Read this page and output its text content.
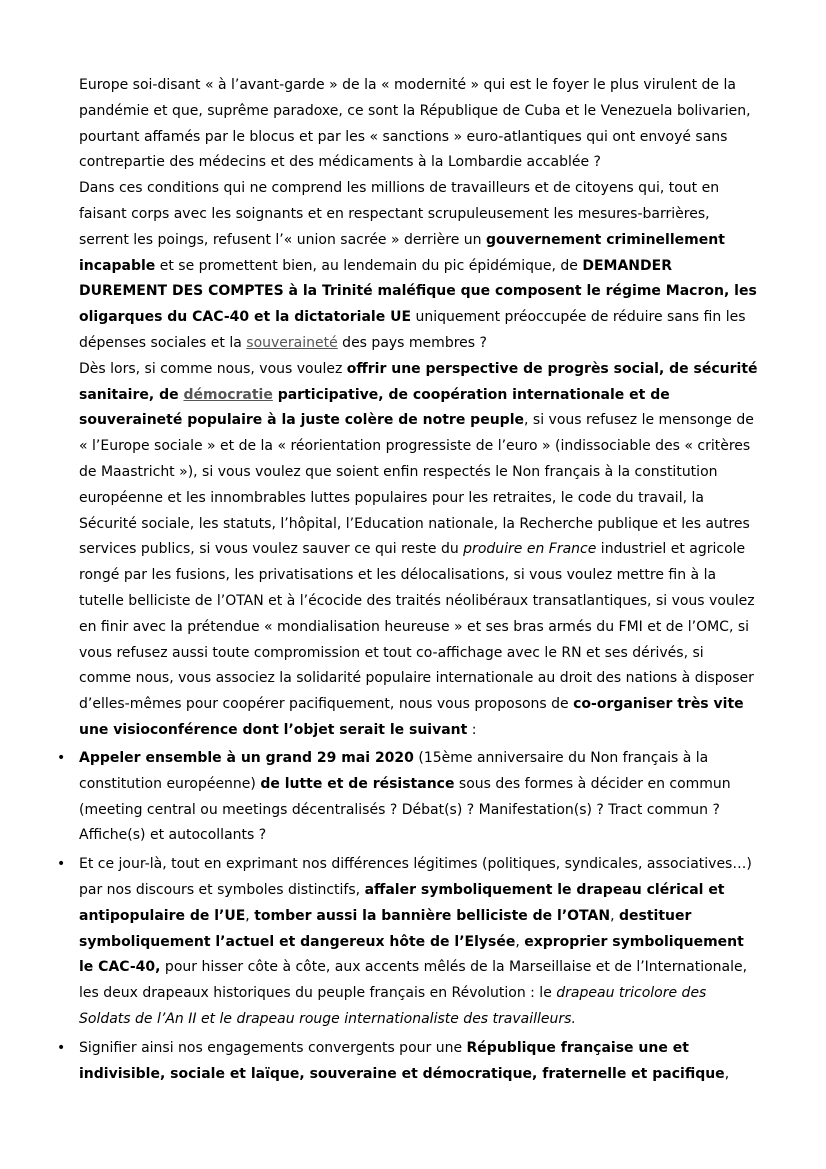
Europe soi-disant « à l’avant-garde » de la « modernité » qui est le foyer le plus virulent de la pandémie et que, suprême paradoxe, ce sont la République de Cuba et le Venezuela bolivarien, pourtant affamés par le blocus et par les « sanctions » euro-atlantiques qui ont envoyé sans contrepartie des médecins et des médicaments à la Lombardie accablée ?

Dans ces conditions qui ne comprend les millions de travailleurs et de citoyens qui, tout en faisant corps avec les soignants et en respectant scrupuleusement les mesures-barrières, serrent les poings, refusent l’« union sacrée » derrière un gouvernement criminellement incapable et se promettent bien, au lendemain du pic épidémique, de DEMANDER DUREMENT DES COMPTES à la Trinité maléfique que composent le régime Macron, les oligarques du CAC-40 et la dictatoriale UE uniquement préoccupée de réduire sans fin les dépenses sociales et la souveraineté des pays membres ?

Dès lors, si comme nous, vous voulez offrir une perspective de progrès social, de sécurité sanitaire, de démocratie participative, de coopération internationale et de souveraineté populaire à la juste colère de notre peuple, si vous refusez le mensonge de « l’Europe sociale » et de la « réorientation progressiste de l’euro » (indissociable des « critères de Maastricht »), si vous voulez que soient enfin respectés le Non français à la constitution européenne et les innombrables luttes populaires pour les retraites, le code du travail, la Sécurité sociale, les statuts, l’hôpital, l’Education nationale, la Recherche publique et les autres services publics, si vous voulez sauver ce qui reste du produire en France industriel et agricole rongé par les fusions, les privatisations et les délocalisations, si vous voulez mettre fin à la tutelle belliciste de l’OTAN et à l’écocide des traités néolibéraux transatlantiques, si vous voulez en finir avec la prétendue « mondialisation heureuse » et ses bras armés du FMI et de l’OMC, si vous refusez aussi toute compromission et tout co-affichage avec le RN et ses dérivés, si comme nous, vous associez la solidarité populaire internationale au droit des nations à disposer d’elles-mêmes pour coopérer pacifiquement, nous vous proposons de co-organiser très vite une visioconférence dont l’objet serait le suivant :

• Appeler ensemble à un grand 29 mai 2020 (15ème anniversaire du Non français à la constitution européenne) de lutte et de résistance sous des formes à décider en commun (meeting central ou meetings décentralisés ? Débat(s) ? Manifestation(s) ? Tract commun ? Affiche(s) et autocollants ?
• Et ce jour-là, tout en exprimant nos différences légitimes (politiques, syndicales, associatives…) par nos discours et symboles distinctifs, affaler symboliquement le drapeau clérical et antipopulaire de l’UE, tomber aussi la bannière belliciste de l’OTAN, destituer symboliquement l’actuel et dangereux hôte de l’Elysée, exproprier symboliquement le CAC-40, pour hisser côte à côte, aux accents mêlés de la Marseillaise et de l’Internationale, les deux drapeaux historiques du peuple français en Révolution : le drapeau tricolore des Soldats de l’An II et le drapeau rouge internationaliste des travailleurs.
• Signifier ainsi nos engagements convergents pour une République française une et indivisible, sociale et laïque, souveraine et démocratique, fraternelle et pacifique,
